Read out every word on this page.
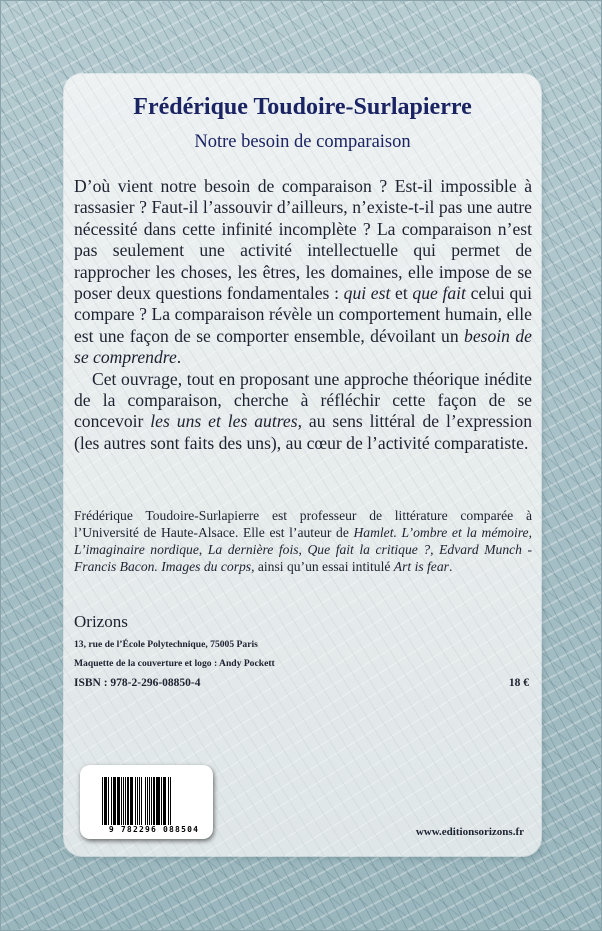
Frédérique Toudoire-Surlapierre
Notre besoin de comparaison

D’où vient notre besoin de comparaison ? Est-il impossible à rassasier ? Faut-il l’assouvir d’ailleurs, n’existe-t-il pas une autre nécessité dans cette infinité incomplète ? La comparaison n’est pas seulement une activité intellectuelle qui permet de rapprocher les choses, les êtres, les domaines, elle impose de se poser deux questions fondamentales : qui est et que fait celui qui compare ? La comparaison révèle un comportement humain, elle est une façon de se comporter ensemble, dévoilant un besoin de se comprendre.

Cet ouvrage, tout en proposant une approche théorique inédite de la comparaison, cherche à réfléchir cette façon de se concevoir les uns et les autres, au sens littéral de l’expression (les autres sont faits des uns), au cœur de l’activité comparatiste.

Frédérique Toudoire-Surlapierre est professeur de littérature comparée à l’Université de Haute-Alsace. Elle est l’auteur de Hamlet. L’ombre et la mémoire, L’imaginaire nordique, La dernière fois, Que fait la critique ?, Edvard Munch - Francis Bacon. Images du corps, ainsi qu’un essai intitulé Art is fear.

Orizons
13, rue de l’École Polytechnique, 75005 Paris
Maquette de la couverture et logo : Andy Pockett
ISBN : 978-2-296-08850-4	18 €
9 782296 088504	www.editionsorizons.fr
